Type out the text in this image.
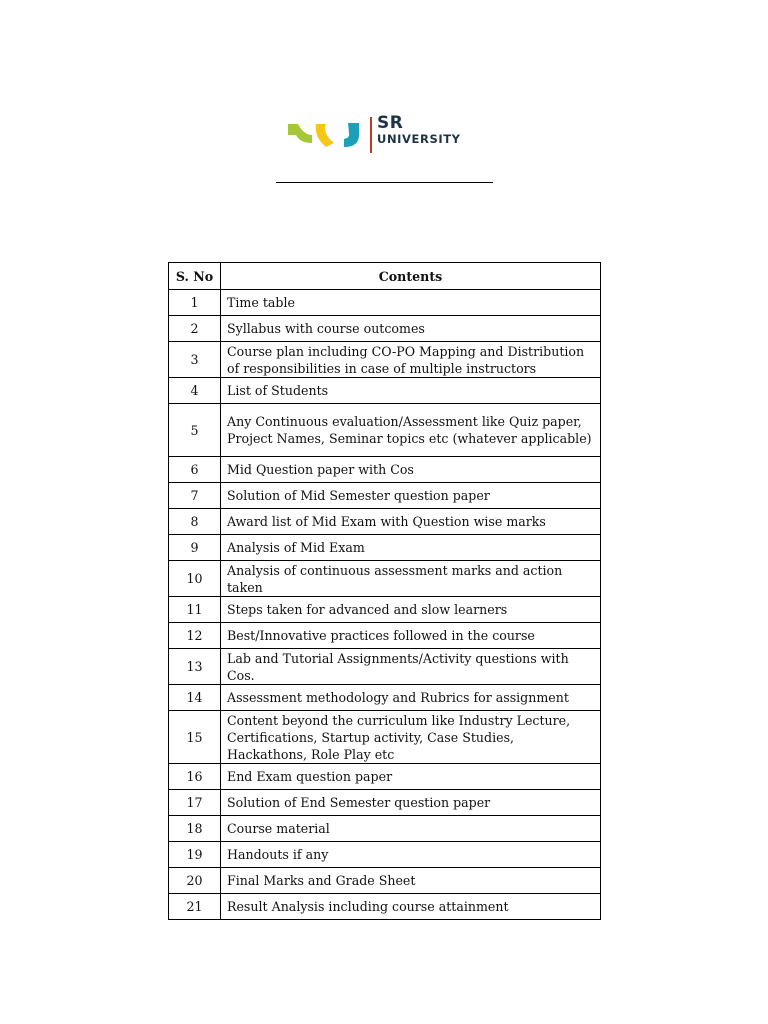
SR
UNIVERSITY
S. No	Contents
1	Time table
2	Syllabus with course outcomes
3	Course plan including CO-PO Mapping and Distribution of responsibilities in case of multiple instructors
4	List of Students
5	Any Continuous evaluation/Assessment like Quiz paper, Project Names, Seminar topics etc (whatever applicable)
6	Mid Question paper with Cos
7	Solution of Mid Semester question paper
8	Award list of Mid Exam with Question wise marks
9	Analysis of Mid Exam
10	Analysis of continuous assessment marks and action taken
11	Steps taken for advanced and slow learners
12	Best/Innovative practices followed in the course
13	Lab and Tutorial Assignments/Activity questions with Cos.
14	Assessment methodology and Rubrics for assignment
15	Content beyond the curriculum like Industry Lecture, Certifications, Startup activity, Case Studies, Hackathons, Role Play etc
16	End Exam question paper
17	Solution of End Semester question paper
18	Course material
19	Handouts if any
20	Final Marks and Grade Sheet
21	Result Analysis including course attainment
